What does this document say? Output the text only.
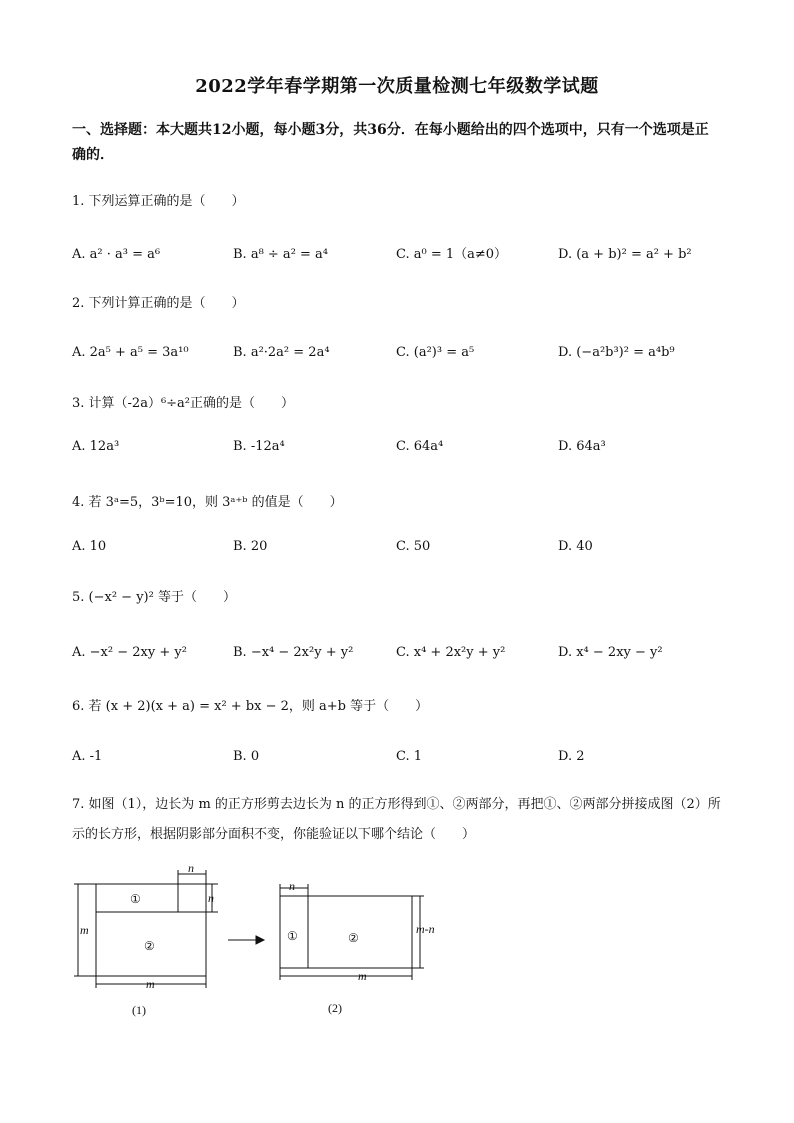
2022学年春学期第一次质量检测七年级数学试题
一、选择题：本大题共12小题，每小题3分，共36分．在每小题给出的四个选项中，只有一个选项是正确的．
1. 下列运算正确的是（　　）
A. a² · a³ = a⁶	B. a⁸ ÷ a² = a⁴	C. a⁰ = 1（a≠0）	D. (a + b)² = a² + b²
2. 下列计算正确的是（　　）
A. 2a⁵ + a⁵ = 3a¹⁰	B. a²·2a² = 2a⁴	C. (a²)³ = a⁵	D. (−a²b³)² = a⁴b⁹
3. 计算（-2a）⁶÷a²正确的是（　　）
A. 12a³	B. -12a⁴	C. 64a⁴	D. 64a³
4. 若 3ᵃ=5，3ᵇ=10，则 3ᵃ⁺ᵇ 的值是（　　）
A. 10	B. 20	C. 50	D. 40
5. (−x² − y)² 等于（　　）
A. −x² − 2xy + y²	B. −x⁴ − 2x²y + y²	C. x⁴ + 2x²y + y²	D. x⁴ − 2xy − y²
6. 若 (x + 2)(x + a) = x² + bx − 2，则 a+b 等于（　　）
A. -1	B. 0	C. 1	D. 2
7. 如图（1），边长为 m 的正方形剪去边长为 n 的正方形得到①、②两部分，再把①、②两部分拼接成图（2）所示的长方形，根据阴影部分面积不变，你能验证以下哪个结论（　　）
n
n
m
m
①
②
(1)
n
m-n
m
①	②
(2)
